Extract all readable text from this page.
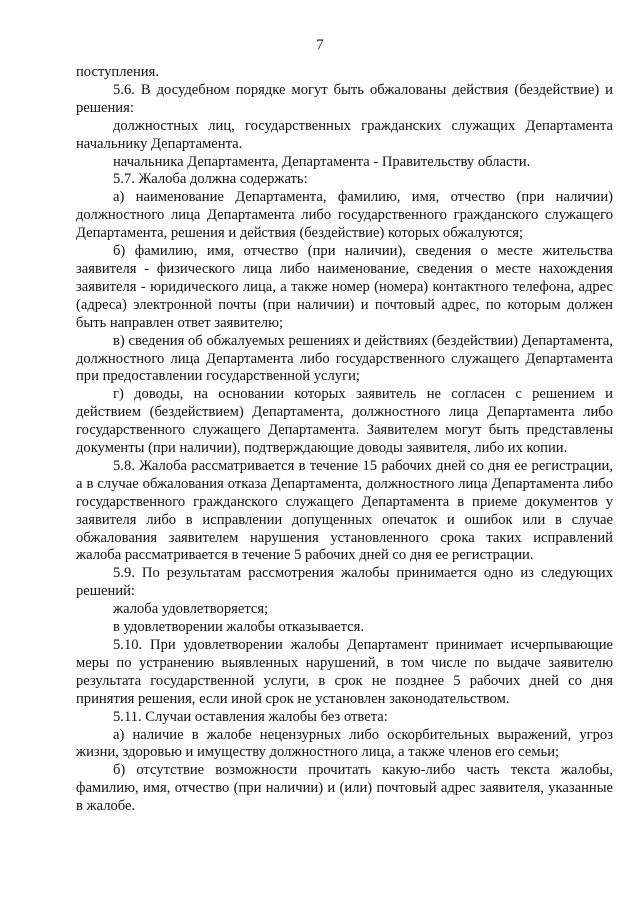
7

поступления.

5.6. В досудебном порядке могут быть обжалованы действия (бездействие) и решения:

должностных лиц, государственных гражданских служащих Департамента начальнику Департамента.

начальника Департамента, Департамента - Правительству области.

5.7. Жалоба должна содержать:

а) наименование Департамента, фамилию, имя, отчество (при наличии) должностного лица Департамента либо государственного гражданского служащего Департамента, решения и действия (бездействие) которых обжалуются;

б) фамилию, имя, отчество (при наличии), сведения о месте жительства заявителя - физического лица либо наименование, сведения о месте нахождения заявителя - юридического лица, а также номер (номера) контактного телефона, адрес (адреса) электронной почты (при наличии) и почтовый адрес, по которым должен быть направлен ответ заявителю;

в) сведения об обжалуемых решениях и действиях (бездействии) Департамента, должностного лица Департамента либо государственного служащего Департамента при предоставлении государственной услуги;

г) доводы, на основании которых заявитель не согласен с решением и действием (бездействием) Департамента, должностного лица Департамента либо государственного служащего Департамента. Заявителем могут быть представлены документы (при наличии), подтверждающие доводы заявителя, либо их копии.

5.8. Жалоба рассматривается в течение 15 рабочих дней со дня ее регистрации, а в случае обжалования отказа Департамента, должностного лица Департамента либо государственного гражданского служащего Департамента в приеме документов у заявителя либо в исправлении допущенных опечаток и ошибок или в случае обжалования заявителем нарушения установленного срока таких исправлений жалоба рассматривается в течение 5 рабочих дней со дня ее регистрации.

5.9. По результатам рассмотрения жалобы принимается одно из следующих решений:

жалоба удовлетворяется;

в удовлетворении жалобы отказывается.

5.10. При удовлетворении жалобы Департамент принимает исчерпывающие меры по устранению выявленных нарушений, в том числе по выдаче заявителю результата государственной услуги, в срок не позднее 5 рабочих дней со дня принятия решения, если иной срок не установлен законодательством.

5.11. Случаи оставления жалобы без ответа:

а) наличие в жалобе нецензурных либо оскорбительных выражений, угроз жизни, здоровью и имуществу должностного лица, а также членов его семьи;

б) отсутствие возможности прочитать какую-либо часть текста жалобы, фамилию, имя, отчество (при наличии) и (или) почтовый адрес заявителя, указанные в жалобе.
